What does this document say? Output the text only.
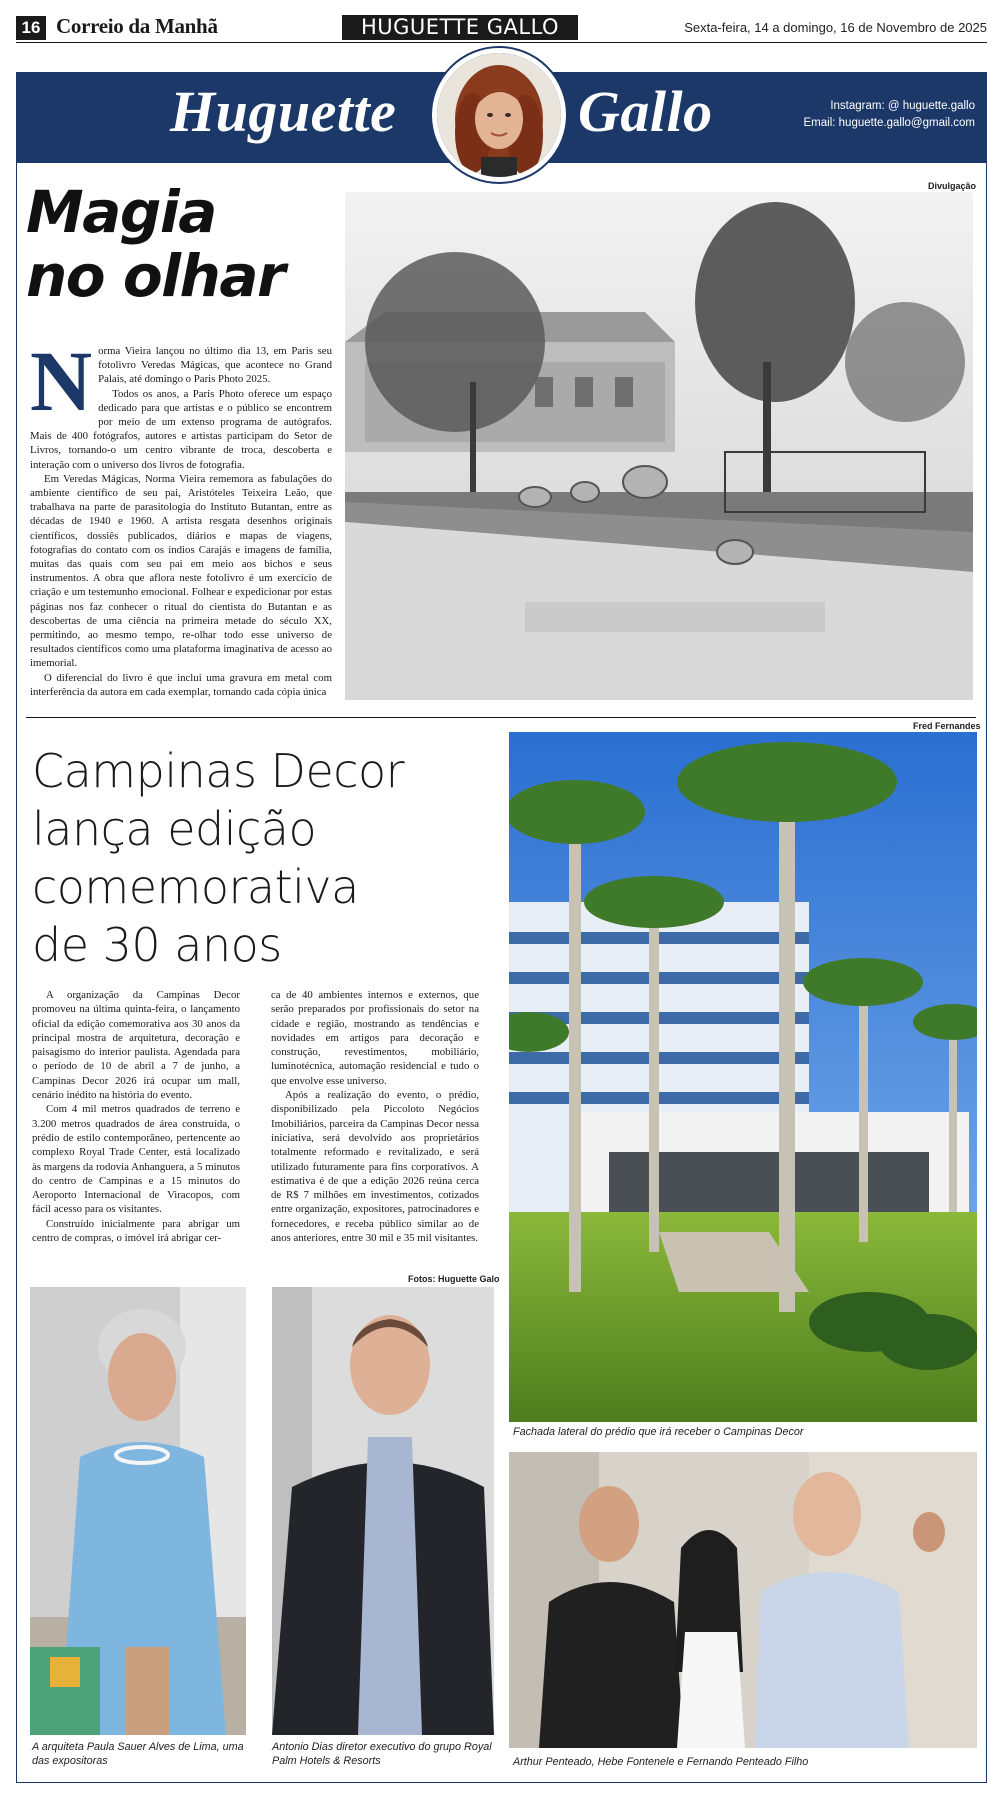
16 Correio da Manhã	HUGUETTE GALLO	Sexta-feira, 14 a domingo, 16 de Novembro de 2025
Huguette	Gallo	Instagram: @ huguette.gallo
Email: huguette.gallo@gmail.com
Magia
no olhar
Divulgação
N orma Vieira lançou no último dia 13, em Paris seu fotolivro Veredas Mágicas, que acontece no Grand Palais, até domingo o Paris Photo 2025.

Todos os anos, a Paris Photo oferece um espaço dedicado para que artistas e o público se encontrem por meio de um extenso programa de autógrafos. Mais de 400 fotógrafos, autores e artistas participam do Setor de Livros, tornando-o um centro vibrante de troca, descoberta e interação com o universo dos livros de fotografia.

Em Veredas Mágicas, Norma Vieira rememora as fabulações do ambiente científico de seu pai, Aristóteles Teixeira Leão, que trabalhava na parte de parasitologia do Instituto Butantan, entre as décadas de 1940 e 1960. A artista resgata desenhos originais científicos, dossiês publicados, diários e mapas de viagens, fotografias do contato com os índios Carajás e imagens de família, muitas das quais com seu pai em meio aos bichos e seus instrumentos. A obra que aflora neste fotolivro é um exercício de criação e um testemunho emocional. Folhear e expedicionar por estas páginas nos faz conhecer o ritual do cientista do Butantan e as descobertas de uma ciência na primeira metade do século XX, permitindo, ao mesmo tempo, re-olhar todo esse universo de resultados científicos como uma plataforma imaginativa de acesso ao imemorial.

O diferencial do livro é que inclui uma gravura em metal com interferência da autora em cada exemplar, tornando cada cópia única

Fred Fernandes
Campinas Decor
lança edição
comemorativa
de 30 anos

A organização da Campinas Decor promoveu na última quinta-feira, o lançamento oficial da edição comemorativa aos 30 anos da principal mostra de arquitetura, decoração e paisagismo do interior paulista. Agendada para o período de 10 de abril a 7 de junho, a Campinas Decor 2026 irá ocupar um mall, cenário inédito na história do evento.

Com 4 mil metros quadrados de terreno e 3.200 metros quadrados de área construída, o prédio de estilo contemporâneo, pertencente ao complexo Royal Trade Center, está localizado às margens da rodovia Anhanguera, a 5 minutos do centro de Campinas e a 15 minutos do Aeroporto Internacional de Viracopos, com fácil acesso para os visitantes.

Construído inicialmente para abrigar um centro de compras, o imóvel irá abrigar cer-

ca de 40 ambientes internos e externos, que serão preparados por profissionais do setor na cidade e região, mostrando as tendências e novidades em artigos para decoração e construção, revestimentos, mobiliário, luminotécnica, automação residencial e tudo o que envolve esse universo.

Após a realização do evento, o prédio, disponibilizado pela Piccoloto Negócios Imobiliários, parceira da Campinas Decor nessa iniciativa, será devolvido aos proprietários totalmente reformado e revitalizado, e será utilizado futuramente para fins corporativos. A estimativa é de que a edição 2026 reúna cerca de R$ 7 milhões em investimentos, cotizados entre organização, expositores, patrocinadores e fornecedores, e receba público similar ao de anos anteriores, entre 30 mil e 35 mil visitantes.

Fachada lateral do prédio que irá receber o Campinas Decor
Fotos: Huguette Galo
A arquiteta Paula Sauer Alves de Lima, uma das expositoras
Antonio Dias diretor executivo do grupo Royal Palm Hotels & Resorts	Arthur Penteado, Hebe Fontenele e Fernando Penteado Filho
